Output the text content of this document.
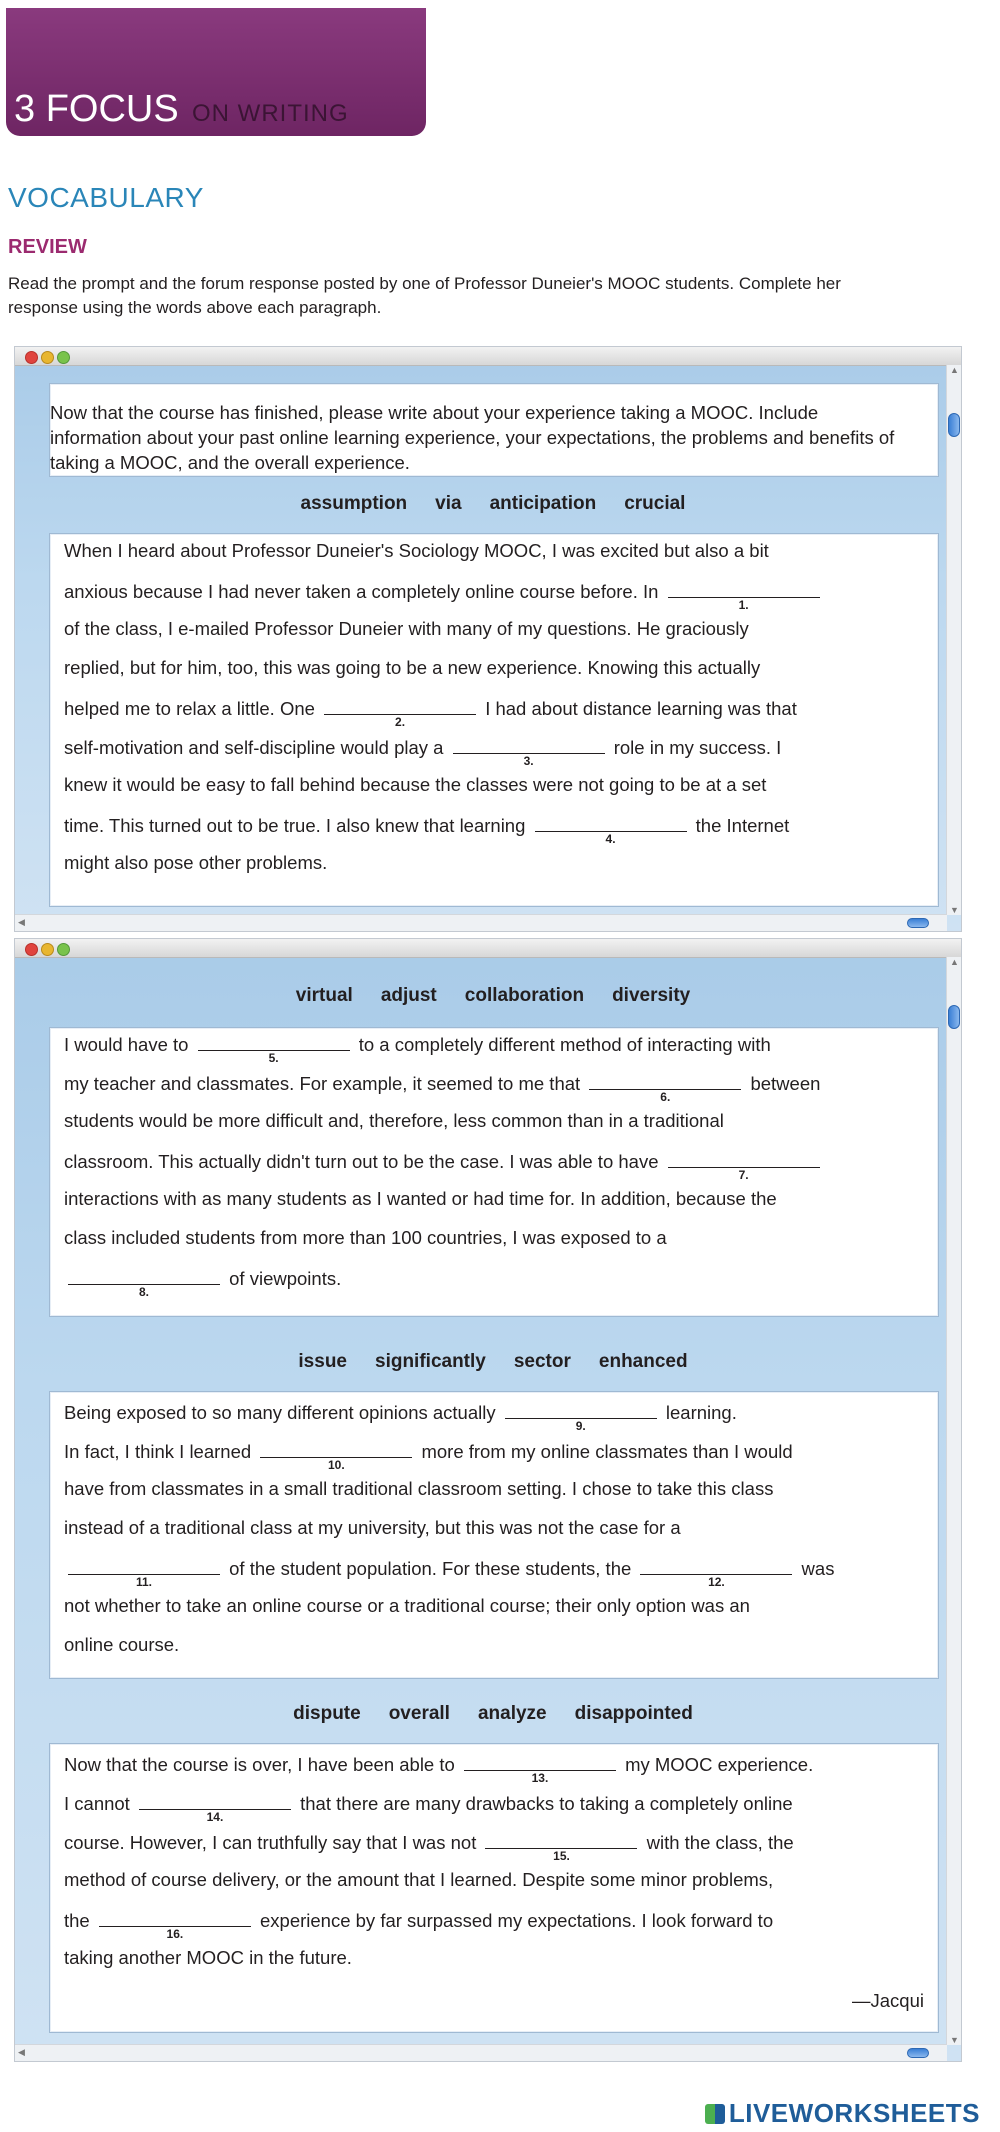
3 FOCUS ON WRITING
VOCABULARY
REVIEW
Read the prompt and the forum response posted by one of Professor Duneier's MOOC students. Complete her response using the words above each paragraph.
▲
▼
◀
assumption via anticipation crucial
When I heard about Professor Duneier's Sociology MOOC, I was excited but also a bit
anxious because I had never taken a completely online course before. In
1.
of the class, I e-mailed Professor Duneier with many of my questions. He graciously
replied, but for him, too, this was going to be a new experience. Knowing this actually
helped me to relax a little. One
2.
I had about distance learning was that
self-motivation and self-discipline would play a
3.
role in my success. I
knew it would be easy to fall behind because the classes were not going to be at a set
time. This turned out to be true. I also knew that learning
4.
the Internet
might also pose other problems.
Now that the course has finished, please write about your experience taking a MOOC. Include information about your past online learning experience, your expectations, the problems and benefits of taking a MOOC, and the overall experience.
▲
▼
◀
virtual adjust collaboration diversity
I would have to
5.
to a completely different method of interacting with
my teacher and classmates. For example, it seemed to me that
6.
between
students would be more difficult and, therefore, less common than in a traditional
classroom. This actually didn't turn out to be the case. I was able to have
7.
interactions with as many students as I wanted or had time for. In addition, because the
class included students from more than 100 countries, I was exposed to a
8.
of viewpoints.
issue significantly sector enhanced
Being exposed to so many different opinions actually
9.
learning.
In fact, I think I learned
10.
more from my online classmates than I would
have from classmates in a small traditional classroom setting. I chose to take this class
instead of a traditional class at my university, but this was not the case for a
11.
of the student population. For these students, the
12.
was
not whether to take an online course or a traditional course; their only option was an
online course.
dispute overall analyze disappointed
Now that the course is over, I have been able to
13.
my MOOC experience.
I cannot
14.
that there are many drawbacks to taking a completely online
course. However, I can truthfully say that I was not
15.
with the class, the
method of course delivery, or the amount that I learned. Despite some minor problems,
the
16.
experience by far surpassed my expectations. I look forward to
taking another MOOC in the future.
—Jacqui
LIVEWORKSHEETS
